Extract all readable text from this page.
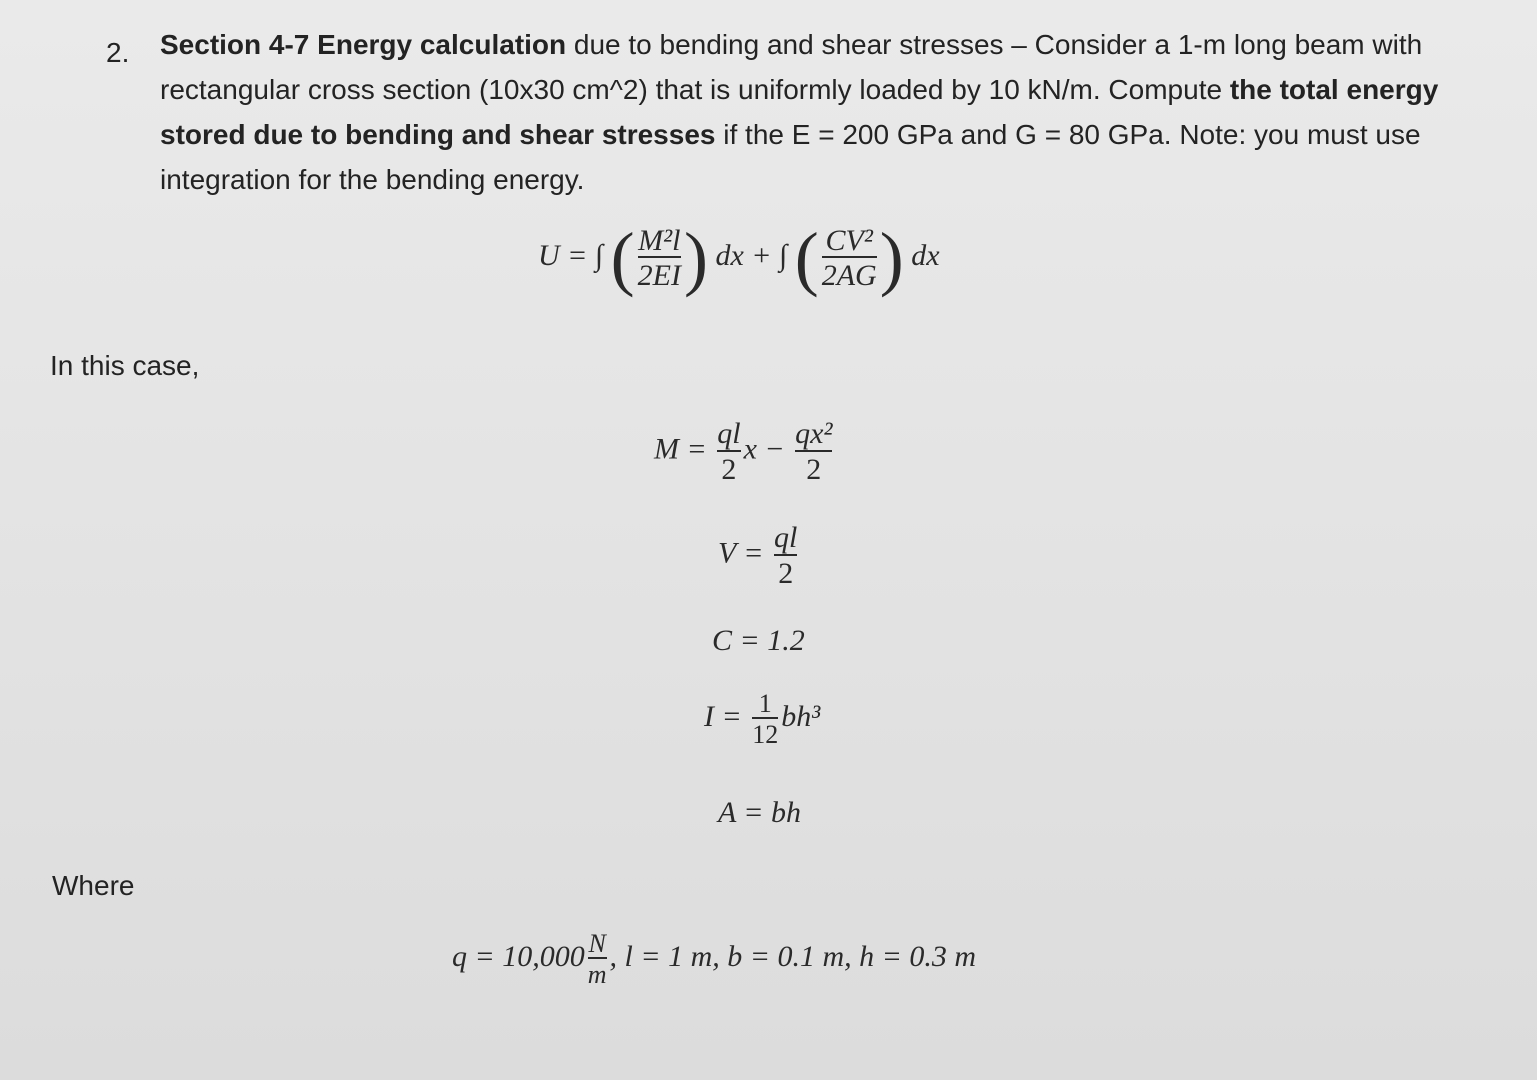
2. Section 4-7 Energy calculation due to bending and shear stresses – Consider a 1-m long beam with rectangular cross section (10x30 cm^2) that is uniformly loaded by 10 kN/m. Compute the total energy stored due to bending and shear stresses if the E = 200 GPa and G = 80 GPa. Note: you must use integration for the bending energy.
U = ∫ ( $\frac{\text{M²l}}{2EI}$ ) dx + ∫ ( $\frac{\text{CV²}}{2AG}$ ) dx
In this case,
$M = \frac{ql}{2}$ $x - \frac{\text{qx²}}{2}$
$V = \frac{ql}{2}$
C = 1.2
$I = \frac{1}{12} bh^3$
A = bh
Where
$q = 10,000 \frac{N}{m}$ , l = 1 m, b = 0.1 m, h = 0.3 m
